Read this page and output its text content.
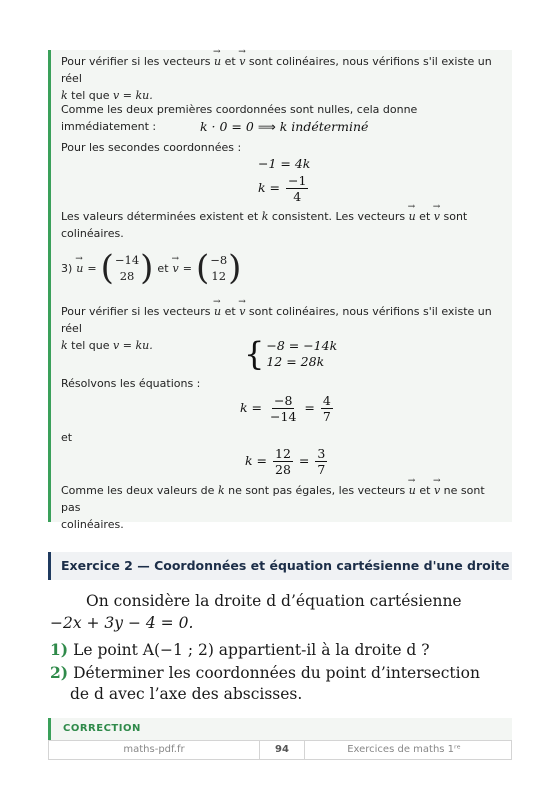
Pour vérifier si les vecteurs → u et → v sont colinéaires, nous vérifions s'il existe un réel
k tel que v = ku.
Comme les deux premières coordonnées sont nulles, cela donne immédiatement :	k · 0 = 0 ⟹ k indéterminé
Pour les secondes coordonnées :
−1 = 4k
$k = \frac{-1}{4}$
Les valeurs déterminées existent et k consistent. Les vecteurs → u et → v sont
colinéaires.
3) → u = ( −14
28 ) et → v = ( −8
12 )
Pour vérifier si les vecteurs → u et → v sont colinéaires, nous vérifions s'il existe un réel
k tel que v = ku.	{ −8 = −14k
12 = 28k
Résolvons les équations :
$k = \frac{-8}{-14} = \frac{4}{7}$
et
$k = \frac{12}{28} = \frac{3}{7}$
Comme les deux valeurs de k ne sont pas égales, les vecteurs → u et → v ne sont pas
colinéaires.
Exercice 2 — Coordonnées et équation cartésienne d'une droite
On considère la droite d d’équation cartésienne
−2x + 3y − 4 = 0.
1) Le point A(−1 ; 2) appartient-il à la droite d ?
2) Déterminer les coordonnées du point d’intersection
de d avec l’axe des abscisses.
CORRECTION
maths-pdf.fr	94	Exercices de maths 1ʳᵉ
